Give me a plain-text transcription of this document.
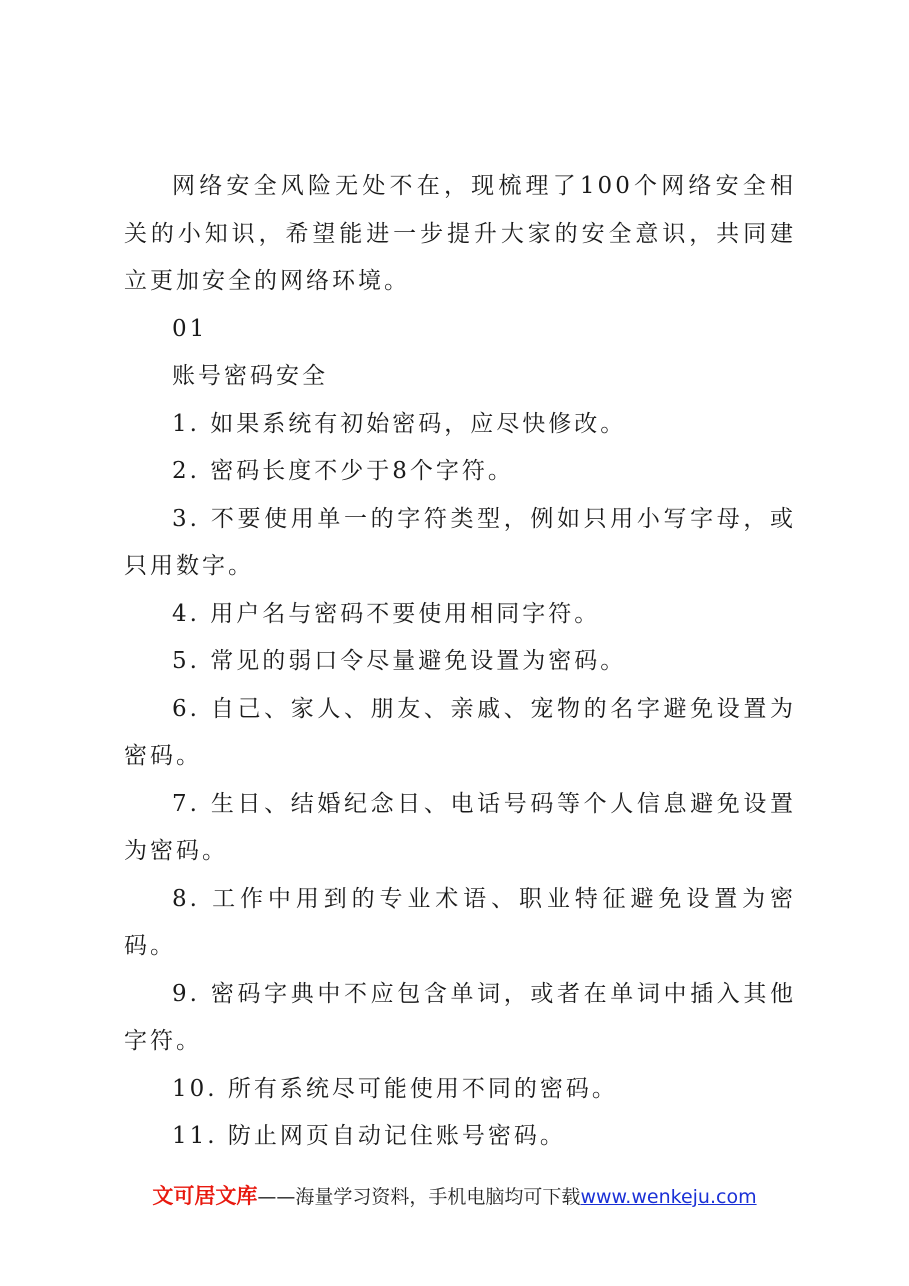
网络安全风险无处不在，现梳理了100个网络安全相关的小知识，希望能进一步提升大家的安全意识，共同建立更加安全的网络环境。

01

账号密码安全

1. 如果系统有初始密码，应尽快修改。

2. 密码长度不少于8个字符。

3. 不要使用单一的字符类型，例如只用小写字母，或只用数字。

4. 用户名与密码不要使用相同字符。

5. 常见的弱口令尽量避免设置为密码。

6. 自己、家人、朋友、亲戚、宠物的名字避免设置为密码。

7. 生日、结婚纪念日、电话号码等个人信息避免设置为密码。

8. 工作中用到的专业术语、职业特征避免设置为密码。

9. 密码字典中不应包含单词，或者在单词中插入其他字符。

10. 所有系统尽可能使用不同的密码。

11. 防止网页自动记住账号密码。

文可居文库——海量学习资料，手机电脑均可下载www.wenkeju.com
